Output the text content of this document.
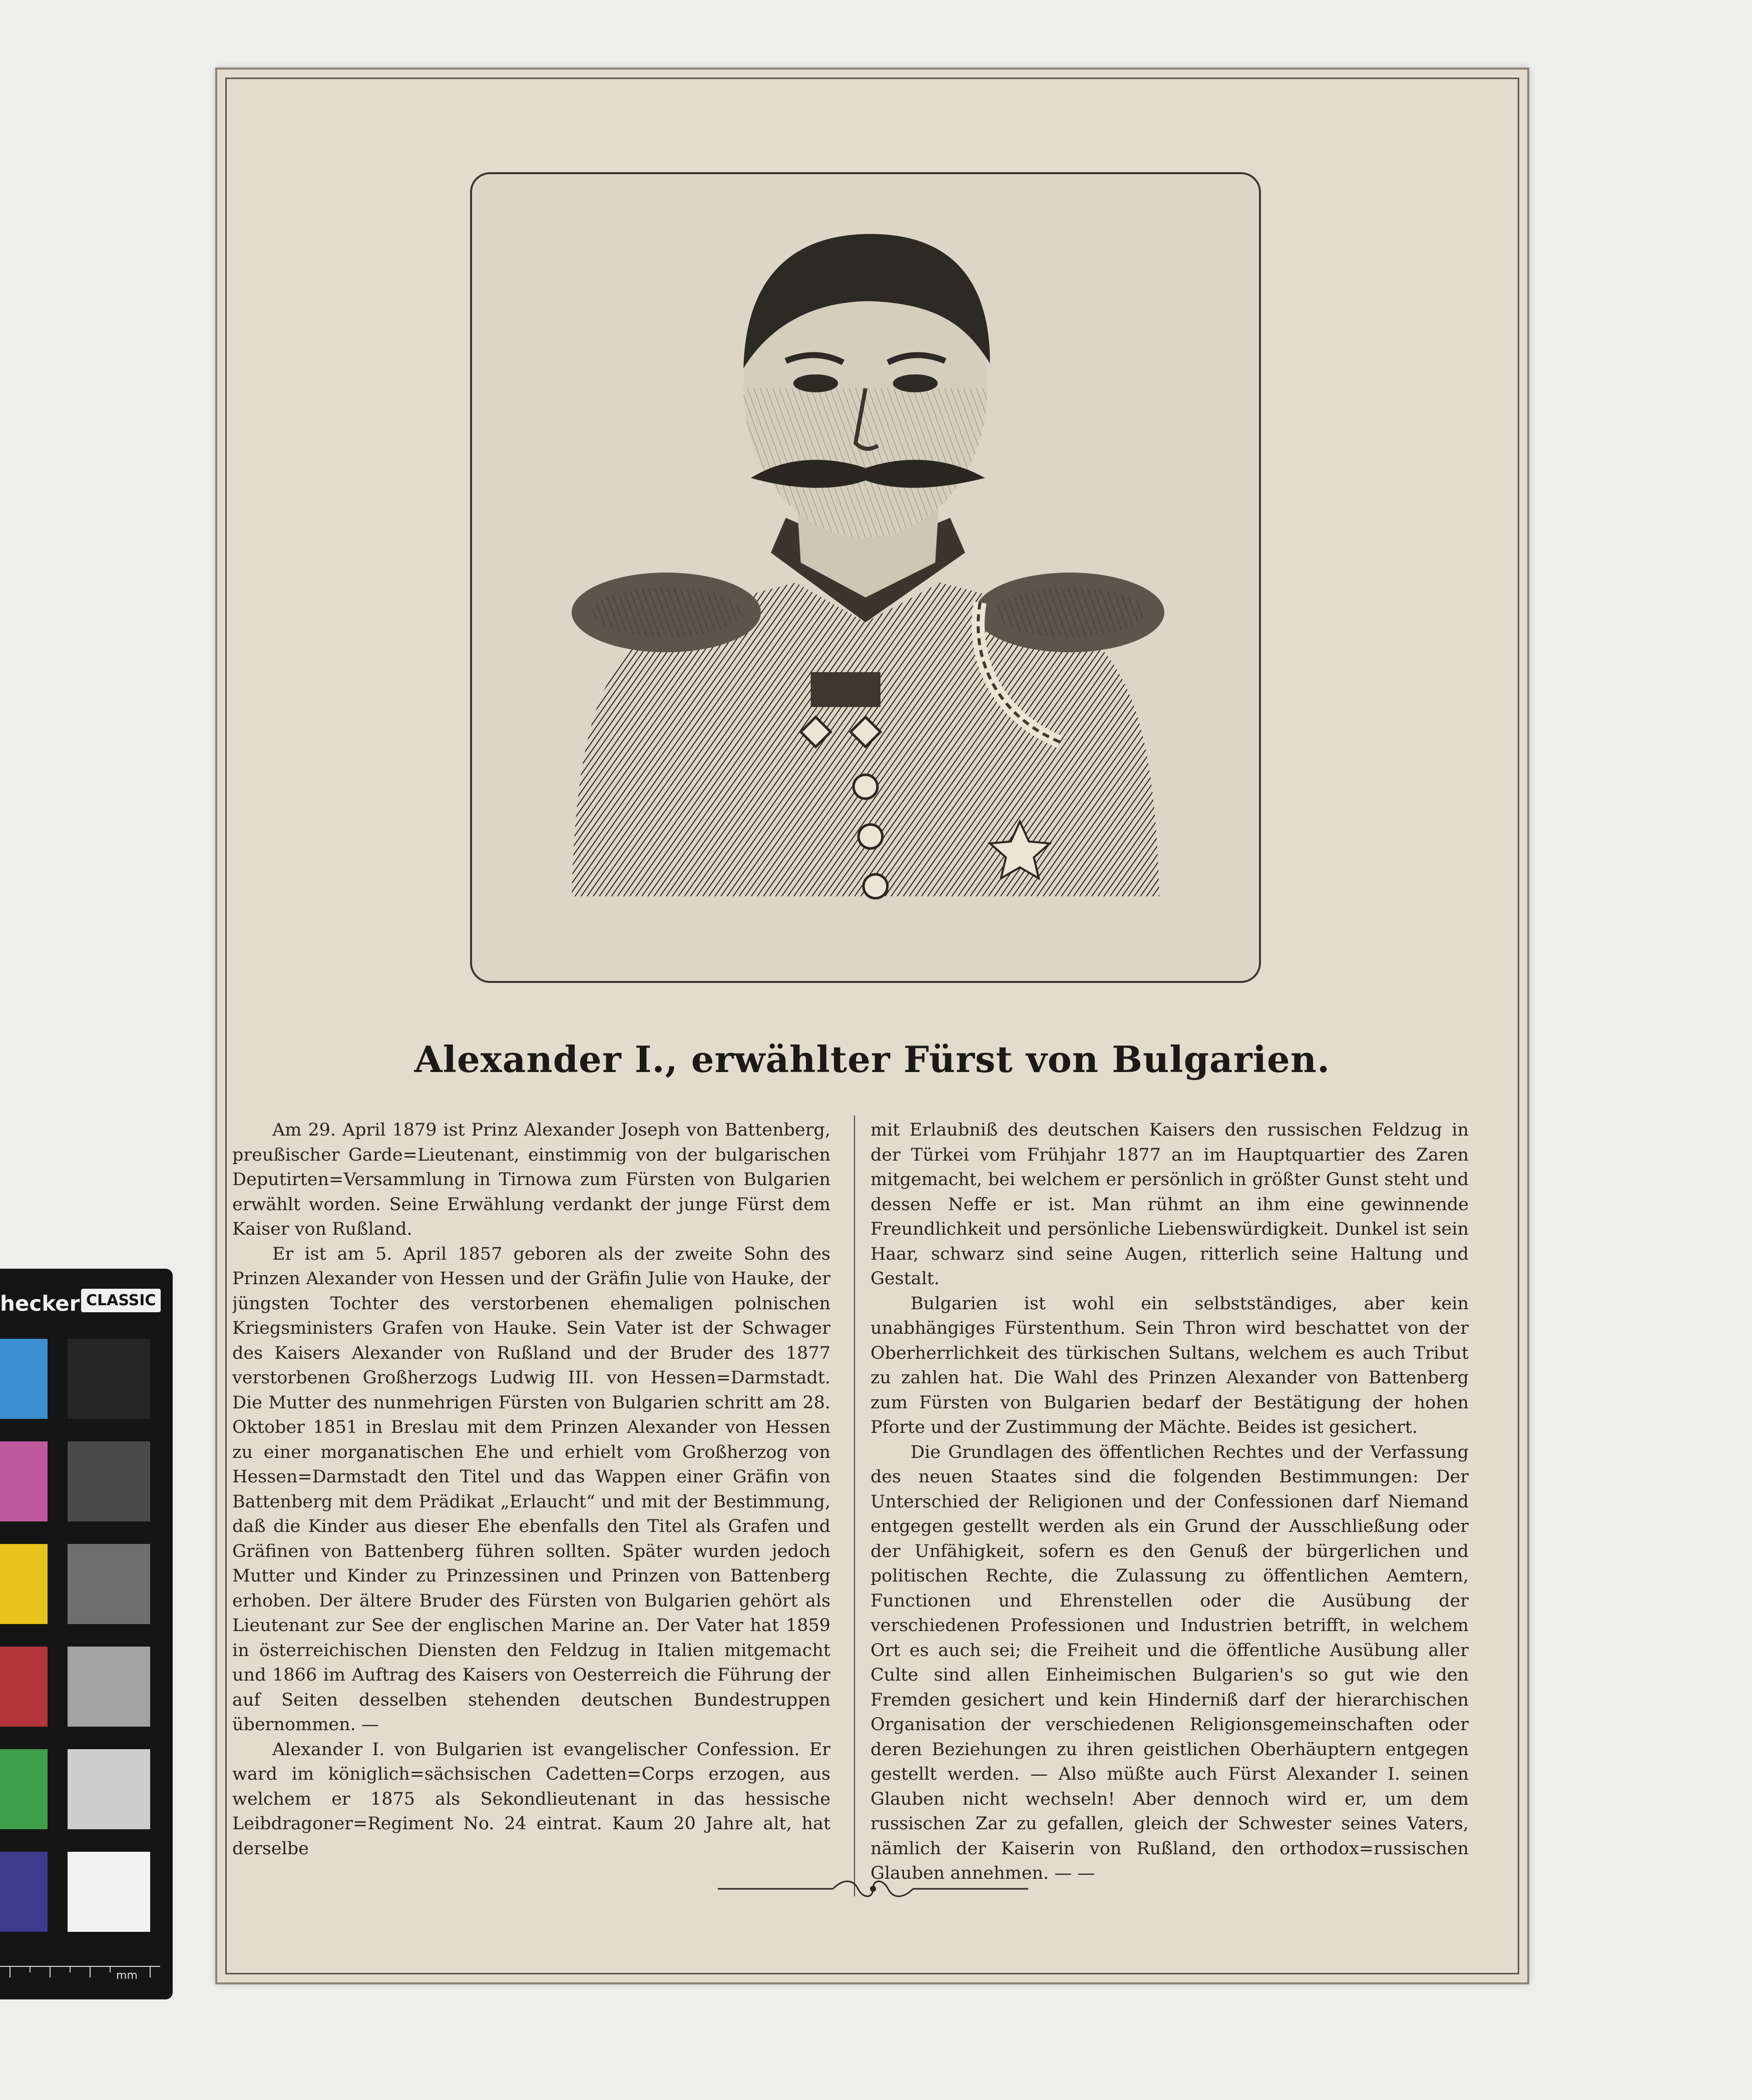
hecker CLASSIC
mm
Alexander I., erwählter Fürst von Bulgarien.

Am 29. April 1879 ist Prinz Alexander Joseph von Battenberg, preußischer Garde=Lieutenant, einstimmig von der bulgarischen Deputirten=Versammlung in Tirnowa zum Fürsten von Bulgarien erwählt worden. Seine Erwählung verdankt der junge Fürst dem Kaiser von Rußland.

Er ist am 5. April 1857 geboren als der zweite Sohn des Prinzen Alexander von Hessen und der Gräfin Julie von Hauke, der jüngsten Tochter des verstorbenen ehemaligen polnischen Kriegsministers Grafen von Hauke. Sein Vater ist der Schwager des Kaisers Alexander von Rußland und der Bruder des 1877 verstorbenen Großherzogs Ludwig III. von Hessen=Darmstadt. Die Mutter des nunmehrigen Fürsten von Bulgarien schritt am 28. Oktober 1851 in Breslau mit dem Prinzen Alexander von Hessen zu einer morganatischen Ehe und erhielt vom Großherzog von Hessen=Darmstadt den Titel und das Wappen einer Gräfin von Battenberg mit dem Prädikat „Erlaucht“ und mit der Bestimmung, daß die Kinder aus dieser Ehe ebenfalls den Titel als Grafen und Gräfinen von Battenberg führen sollten. Später wurden jedoch Mutter und Kinder zu Prinzessinen und Prinzen von Battenberg erhoben. Der ältere Bruder des Fürsten von Bulgarien gehört als Lieutenant zur See der englischen Marine an. Der Vater hat 1859 in österreichischen Diensten den Feldzug in Italien mitgemacht und 1866 im Auftrag des Kaisers von Oesterreich die Führung der auf Seiten desselben stehenden deutschen Bundestruppen übernommen. —

Alexander I. von Bulgarien ist evangelischer Confession. Er ward im königlich=sächsischen Cadetten=Corps erzogen, aus welchem er 1875 als Sekondlieutenant in das hessische Leibdragoner=Regiment No. 24 eintrat. Kaum 20 Jahre alt, hat derselbe

mit Erlaubniß des deutschen Kaisers den russischen Feldzug in der Türkei vom Frühjahr 1877 an im Hauptquartier des Zaren mitgemacht, bei welchem er persönlich in größter Gunst steht und dessen Neffe er ist. Man rühmt an ihm eine gewinnende Freundlichkeit und persönliche Liebenswürdigkeit. Dunkel ist sein Haar, schwarz sind seine Augen, ritterlich seine Haltung und Gestalt.

Bulgarien ist wohl ein selbstständiges, aber kein unabhängiges Fürstenthum. Sein Thron wird beschattet von der Oberherrlichkeit des türkischen Sultans, welchem es auch Tribut zu zahlen hat. Die Wahl des Prinzen Alexander von Battenberg zum Fürsten von Bulgarien bedarf der Bestätigung der hohen Pforte und der Zustimmung der Mächte. Beides ist gesichert.

Die Grundlagen des öffentlichen Rechtes und der Verfassung des neuen Staates sind die folgenden Bestimmungen: Der Unterschied der Religionen und der Confessionen darf Niemand entgegen gestellt werden als ein Grund der Ausschließung oder der Unfähigkeit, sofern es den Genuß der bürgerlichen und politischen Rechte, die Zulassung zu öffentlichen Aemtern, Functionen und Ehrenstellen oder die Ausübung der verschiedenen Professionen und Industrien betrifft, in welchem Ort es auch sei; die Freiheit und die öffentliche Ausübung aller Culte sind allen Einheimischen Bulgarien's so gut wie den Fremden gesichert und kein Hinderniß darf der hierarchischen Organisation der verschiedenen Religionsgemeinschaften oder deren Beziehungen zu ihren geistlichen Oberhäuptern entgegen gestellt werden. — Also müßte auch Fürst Alexander I. seinen Glauben nicht wechseln! Aber dennoch wird er, um dem russischen Zar zu gefallen, gleich der Schwester seines Vaters, nämlich der Kaiserin von Rußland, den orthodox=russischen Glauben annehmen. — —
